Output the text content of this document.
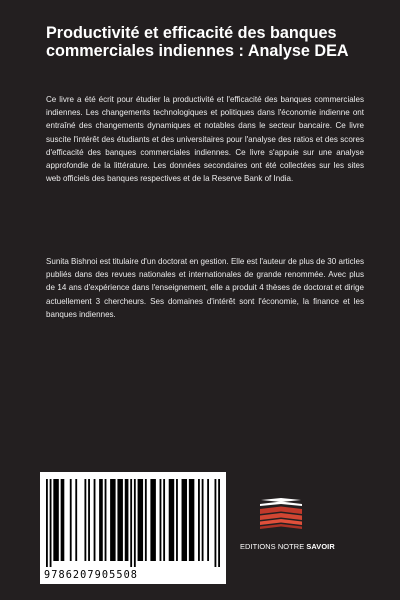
Productivité et efficacité des banques commerciales indiennes : Analyse DEA

Ce livre a été écrit pour étudier la productivité et l'efficacité des banques commerciales indiennes. Les changements technologiques et politiques dans l'économie indienne ont entraîné des changements dynamiques et notables dans le secteur bancaire. Ce livre suscite l'intérêt des étudiants et des universitaires pour l'analyse des ratios et des scores d'efficacité des banques commerciales indiennes. Ce livre s'appuie sur une analyse approfondie de la littérature. Les données secondaires ont été collectées sur les sites web officiels des banques respectives et de la Reserve Bank of India.

Sunita Bishnoi est titulaire d'un doctorat en gestion. Elle est l'auteur de plus de 30 articles publiés dans des revues nationales et internationales de grande renommée. Avec plus de 14 ans d'expérience dans l'enseignement, elle a produit 4 thèses de doctorat et dirige actuellement 3 chercheurs. Ses domaines d'intérêt sont l'économie, la finance et les banques indiennes.

9786207905508
EDITIONS NOTRE SAVOIR
